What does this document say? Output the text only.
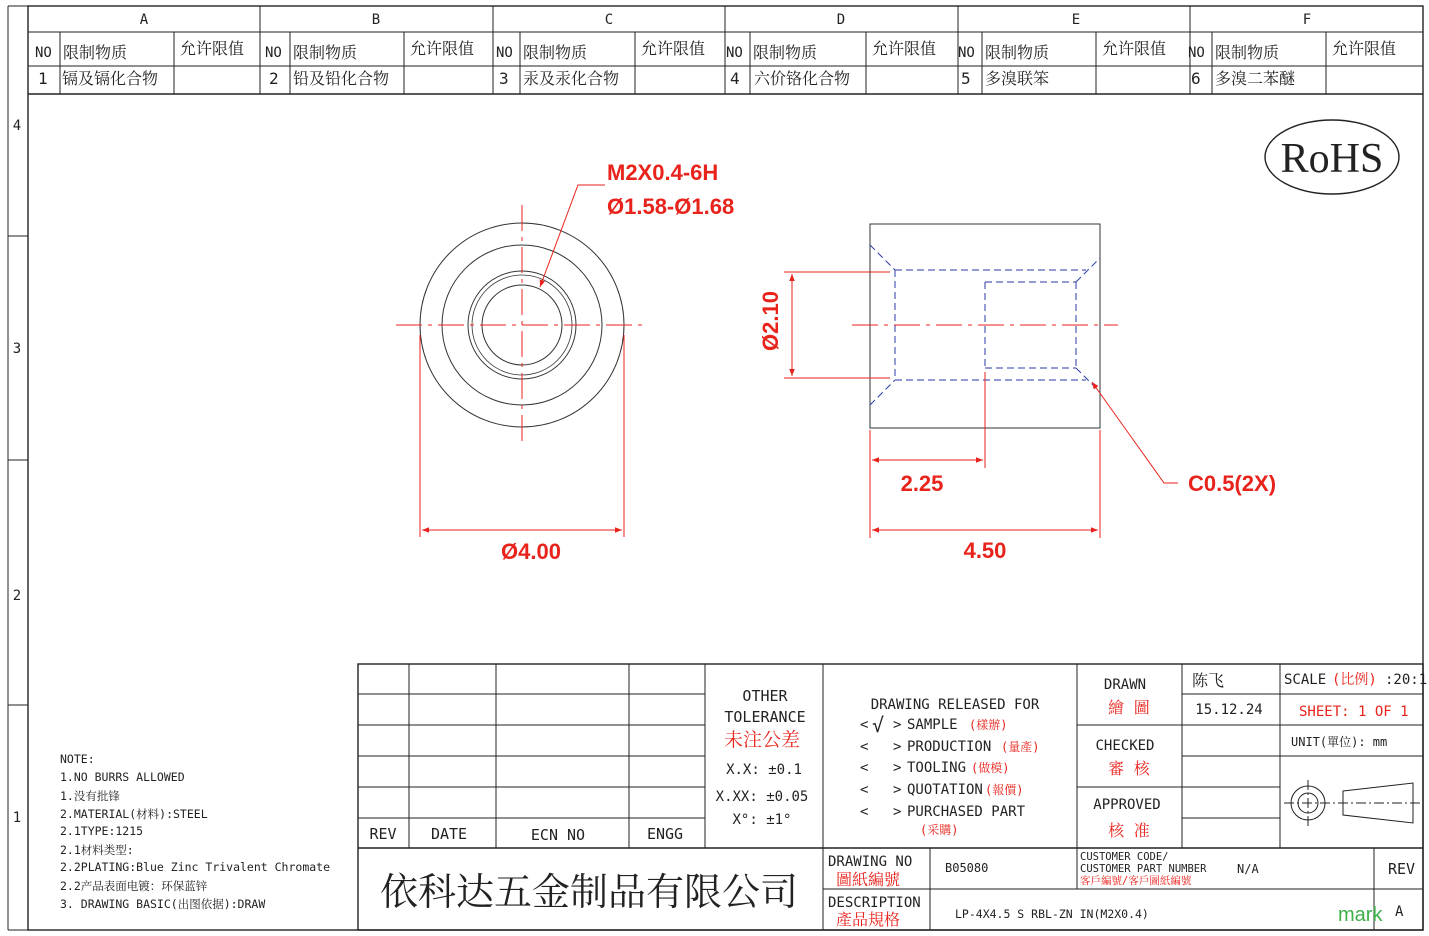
A	B	C	D	E	F
4
3
2
1
NO 限制物质	允许限值 NO 限制物质	允许限值 NO 限制物质	允许限值 NO 限制物质	允许限值 NO 限制物质	允许限值 NO 限制物质	允许限值
1 镉及镉化合物	2 铅及铅化合物	3 汞及汞化合物	4 六价铬化合物	5 多溴联笨	6 多溴二苯醚
RoHS
M2X0.4-6H
Ø1.58-Ø1.68
Ø4.00
Ø2.10
2.25
4.50
C0.5(2X)
NOTE:
1.NO BURRS ALLOWED
1.没有批锋
2.MATERIAL(材料):STEEL
2.1TYPE:1215
2.1材料类型:
2.2PLATING:Blue Zinc Trivalent Chromate
2.2产品表面电镀：环保蓝锌
3. DRAWING BASIC(出图依据):DRAW
REV DATE	ECN NO	ENGG
OTHER
TOLERANCE
未注公差
X.X: ±0.1
X.XX: ±0.05
X°: ±1°
DRAWING RELEASED FOR
< >
√ SAMPLE (樣辦)
< > PRODUCTION (量產)
< > TOOLING (做模)
< > QUOTATION (報價)
< > PURCHASED PART
(采購)
DRAWN
繪 圖
陈飞
15.12.24
CHECKED
審 核
APPROVED
核 准
SCALE (比例) :20:1
SHEET: 1 OF 1
UNIT(單位): mm
依科达五金制品有限公司
DRAWING NO
圖紙編號
B05080
CUSTOMER CODE/
CUSTOMER PART NUMBER
客戶編號/客戶圖紙編號
N/A	REV
DESCRIPTION
產品規格	LP-4X4.5 S RBL-ZN IN(M2X0.4)	mark A
